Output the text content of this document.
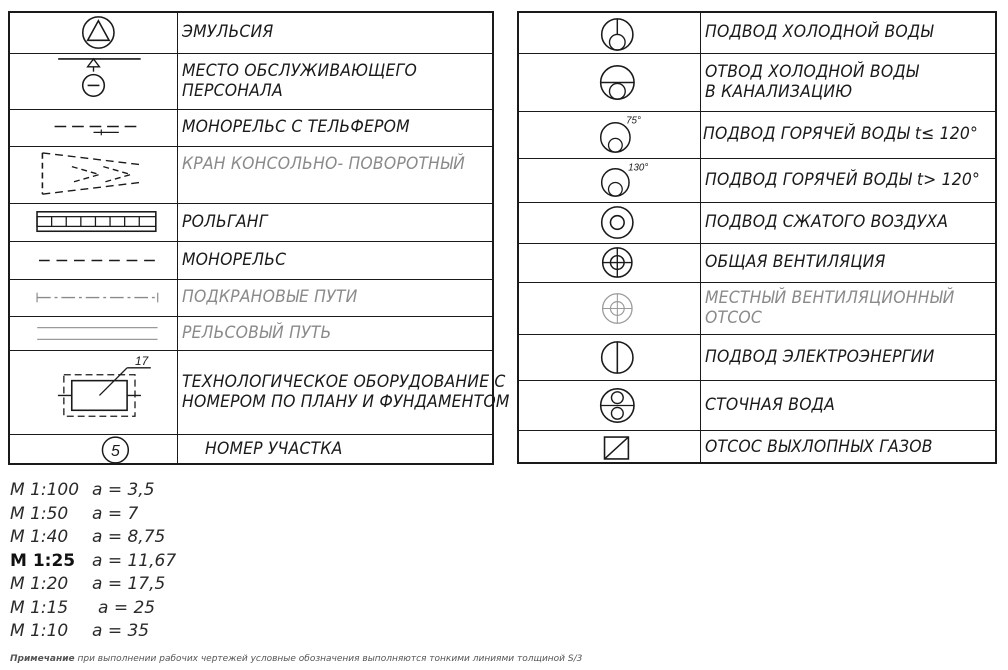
ЭМУЛЬСИЯ
МЕСТО ОБСЛУЖИВАЮЩЕГО
ПЕРСОНАЛА
МОНОРЕЛЬС С ТЕЛЬФЕРОМ
КРАН КОНСОЛЬНО- ПОВОРОТНЫЙ
РОЛЬГАНГ
МОНОРЕЛЬС
ПОДКРАНОВЫЕ ПУТИ
РЕЛЬСОВЫЙ ПУТЬ
17
ТЕХНОЛОГИЧЕСКОЕ ОБОРУДОВАНИЕ С
НОМЕРОМ ПО ПЛАНУ И ФУНДАМЕНТОМ
5	НОМЕР УЧАСТКА
ПОДВОД ХОЛОДНОЙ ВОДЫ
ОТВОД ХОЛОДНОЙ ВОДЫ
В КАНАЛИЗАЦИЮ
75°
ПОДВОД ГОРЯЧЕЙ ВОДЫ t≤ 120°
130°
ПОДВОД ГОРЯЧЕЙ ВОДЫ t> 120°
ПОДВОД СЖАТОГО ВОЗДУХА
ОБЩАЯ ВЕНТИЛЯЦИЯ
МЕСТНЫЙ ВЕНТИЛЯЦИОННЫЙ
ОТСОС
ПОДВОД ЭЛЕКТРОЭНЕРГИИ
СТОЧНАЯ ВОДА
ОТСОС ВЫХЛОПНЫХ ГАЗОВ
М 1:100 а = 3,5
М 1:50 а = 7
М 1:40 а = 8,75
М 1:25 а = 11,67
М 1:20 а = 17,5
М 1:15 а = 25
М 1:10 а = 35
Примечание при выполнении рабочих чертежей условные обозначения выполняются тонкими линиями толщиной S/3
